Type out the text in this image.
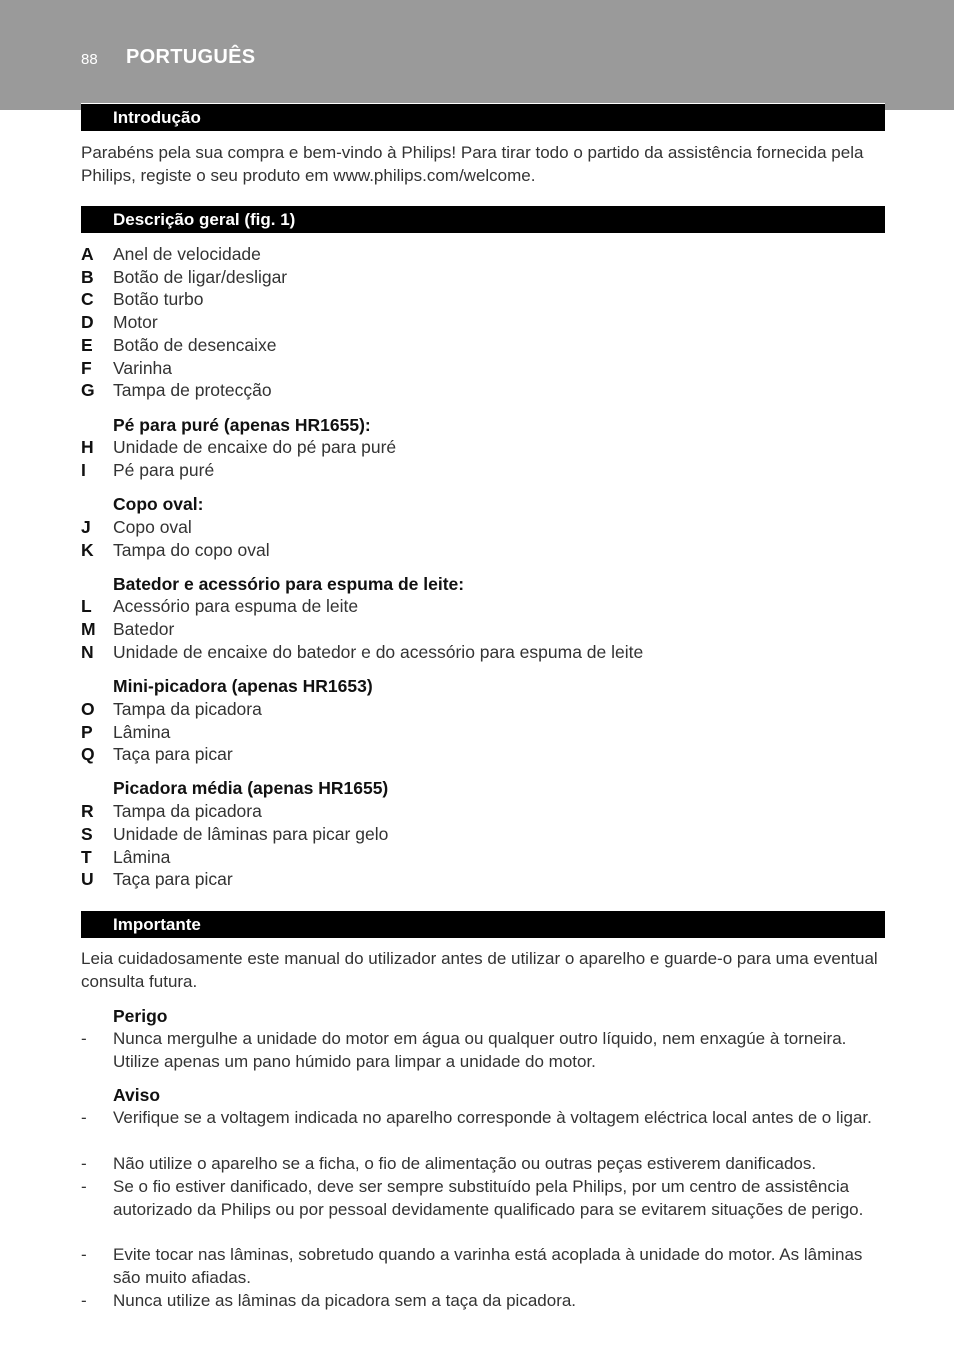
88 PORTUGUÊS
Introdução

Parabéns pela sua compra e bem-vindo à Philips! Para tirar todo o partido da assistência fornecida pela Philips, registe o seu produto em www.philips.com/welcome.

Descrição geral (fig. 1)
A Anel de velocidade
B Botão de ligar/desligar
C Botão turbo
D Motor
E Botão de desencaixe
F Varinha
G Tampa de protecção
Pé para puré (apenas HR1655):
H Unidade de encaixe do pé para puré
I Pé para puré
Copo oval:
J Copo oval
K Tampa do copo oval
Batedor e acessório para espuma de leite:
L Acessório para espuma de leite
M Batedor
N Unidade de encaixe do batedor e do acessório para espuma de leite
Mini-picadora (apenas HR1653)
O Tampa da picadora
P Lâmina
Q Taça para picar
Picadora média (apenas HR1655)
R Tampa da picadora
S Unidade de lâminas para picar gelo
T Lâmina
U Taça para picar
Importante

Leia cuidadosamente este manual do utilizador antes de utilizar o aparelho e guarde-o para uma eventual consulta futura.

Perigo
- Nunca mergulhe a unidade do motor em água ou qualquer outro líquido, nem enxagúe à torneira. Utilize apenas um pano húmido para limpar a unidade do motor.
Aviso
- Verifique se a voltagem indicada no aparelho corresponde à voltagem eléctrica local antes de o ligar.
- Não utilize o aparelho se a ficha, o fio de alimentação ou outras peças estiverem danificados.
- Se o fio estiver danificado, deve ser sempre substituído pela Philips, por um centro de assistência autorizado da Philips ou por pessoal devidamente qualificado para se evitarem situações de perigo.
- Evite tocar nas lâminas, sobretudo quando a varinha está acoplada à unidade do motor. As lâminas são muito afiadas.
- Nunca utilize as lâminas da picadora sem a taça da picadora.
